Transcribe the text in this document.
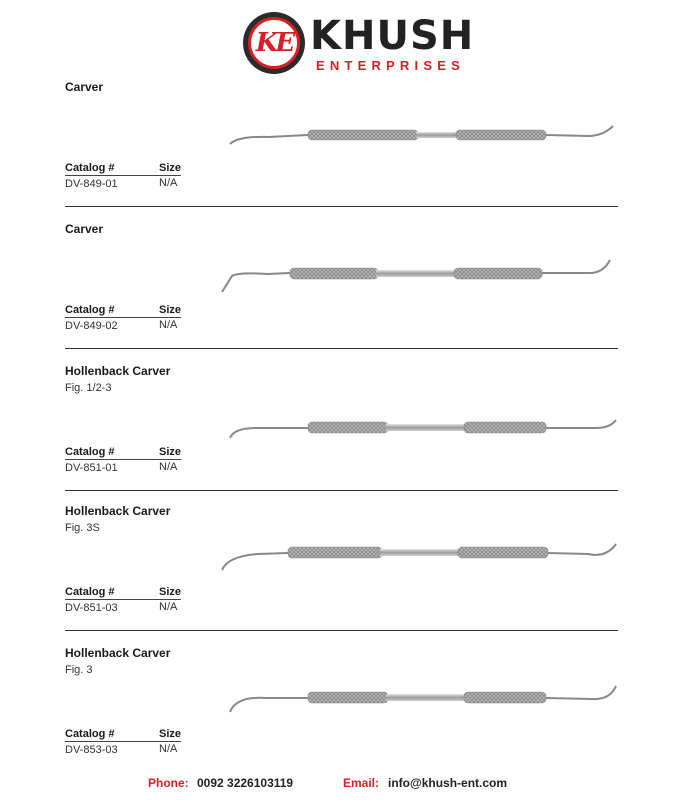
KE KHUSH
ENTERPRISES
Carver
Catalog #	Size
DV-849-01	N/A
Carver
Catalog #	Size
DV-849-02	N/A
Hollenback Carver
Fig. 1/2-3
Catalog #	Size
DV-851-01	N/A
Hollenback Carver
Fig. 3S
Catalog #	Size
DV-851-03	N/A
Hollenback Carver
Fig. 3
Catalog #	Size
DV-853-03	N/A
Phone: 0092 3226103119	Email: info@khush-ent.com
